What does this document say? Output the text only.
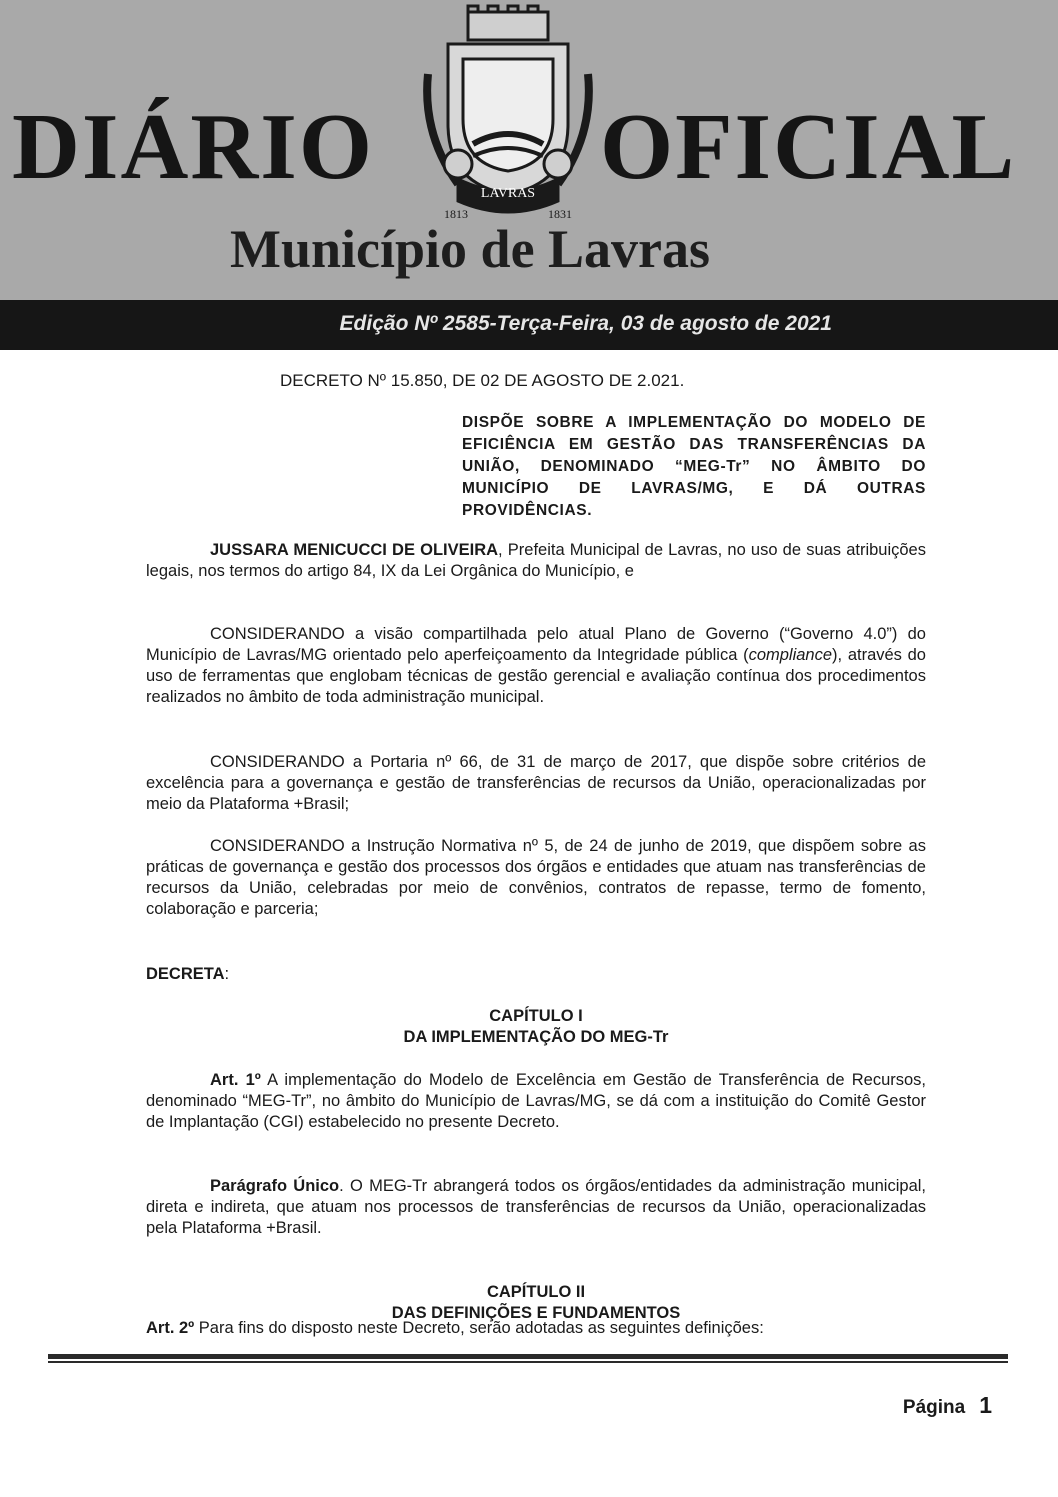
LAVRAS
1813	1831
DIÁRIO OFICIAL
Município de Lavras
Edição Nº 2585-Terça-Feira, 03 de agosto de 2021
DECRETO Nº 15.850, DE 02 DE AGOSTO DE 2.021.
DISPÕE SOBRE A IMPLEMENTAÇÃO DO MODELO DE EFICIÊNCIA EM GESTÃO DAS TRANSFERÊNCIAS DA UNIÃO, DENOMINADO “MEG-Tr” NO ÂMBITO DO MUNICÍPIO DE LAVRAS/MG, E DÁ OUTRAS PROVIDÊNCIAS.

JUSSARA MENICUCCI DE OLIVEIRA, Prefeita Municipal de Lavras, no uso de suas atribuições legais, nos termos do artigo 84, IX da Lei Orgânica do Município, e

CONSIDERANDO a visão compartilhada pelo atual Plano de Governo (“Governo 4.0”) do Município de Lavras/MG orientado pelo aperfeiçoamento da Integridade pública (compliance), através do uso de ferramentas que englobam técnicas de gestão gerencial e avaliação contínua dos procedimentos realizados no âmbito de toda administração municipal.

CONSIDERANDO a Portaria nº 66, de 31 de março de 2017, que dispõe sobre critérios de excelência para a governança e gestão de transferências de recursos da União, operacionalizadas por meio da Plataforma +Brasil;

CONSIDERANDO a Instrução Normativa nº 5, de 24 de junho de 2019, que dispõem sobre as práticas de governança e gestão dos processos dos órgãos e entidades que atuam nas transferências de recursos da União, celebradas por meio de convênios, contratos de repasse, termo de fomento, colaboração e parceria;

DECRETA:

CAPÍTULO I

DA IMPLEMENTAÇÃO DO MEG-Tr

Art. 1º A implementação do Modelo de Excelência em Gestão de Transferência de Recursos, denominado “MEG-Tr”, no âmbito do Município de Lavras/MG, se dá com a instituição do Comitê Gestor de Implantação (CGI) estabelecido no presente Decreto.

Parágrafo Único. O MEG-Tr abrangerá todos os órgãos/entidades da administração municipal, direta e indireta, que atuam nos processos de transferências de recursos da União, operacionalizadas pela Plataforma +Brasil.

CAPÍTULO II

DAS DEFINIÇÕES E FUNDAMENTOS

Art. 2º Para fins do disposto neste Decreto, serão adotadas as seguintes definições:

Página 1
